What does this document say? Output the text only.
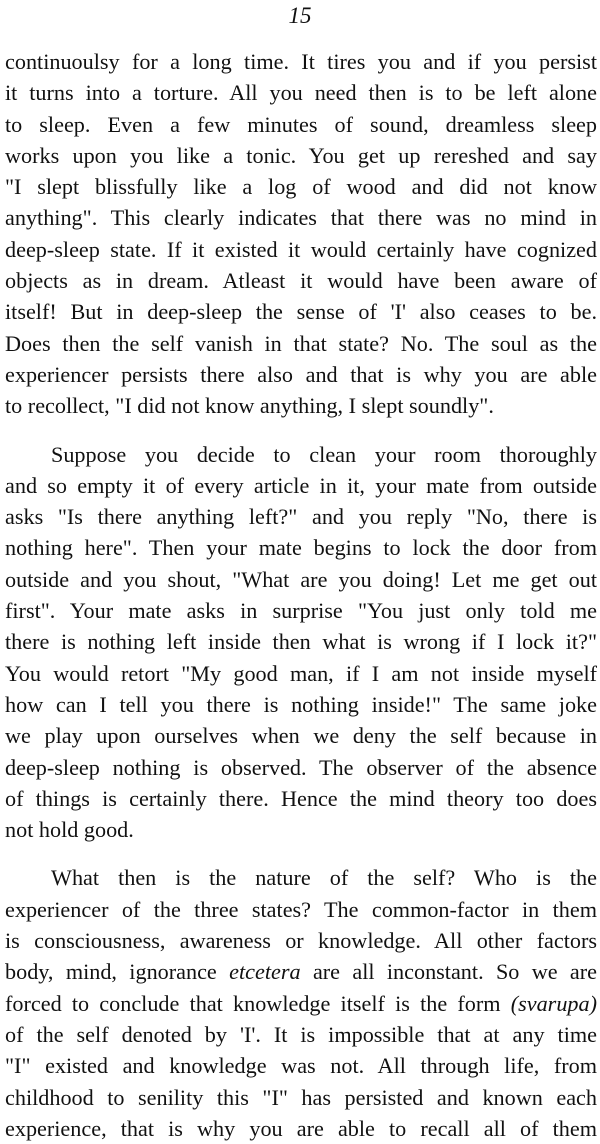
15
continuoulsy for a long time. It tires you and if you persist
it turns into a torture. All you need then is to be left alone
to sleep. Even a few minutes of sound, dreamless sleep
works upon you like a tonic. You get up rereshed and say
"I slept blissfully like a log of wood and did not know
anything". This clearly indicates that there was no mind in
deep-sleep state. If it existed it would certainly have cognized
objects as in dream. Atleast it would have been aware of
itself! But in deep-sleep the sense of 'I' also ceases to be.
Does then the self vanish in that state? No. The soul as the
experiencer persists there also and that is why you are able
to recollect, "I did not know anything, I slept soundly".
Suppose you decide to clean your room thoroughly
and so empty it of every article in it, your mate from outside
asks "Is there anything left?" and you reply "No, there is
nothing here". Then your mate begins to lock the door from
outside and you shout, "What are you doing! Let me get out
first". Your mate asks in surprise "You just only told me
there is nothing left inside then what is wrong if I lock it?"
You would retort "My good man, if I am not inside myself
how can I tell you there is nothing inside!" The same joke
we play upon ourselves when we deny the self because in
deep-sleep nothing is observed. The observer of the absence
of things is certainly there. Hence the mind theory too does
not hold good.
What then is the nature of the self? Who is the
experiencer of the three states? The common-factor in them
is consciousness, awareness or knowledge. All other factors
body, mind, ignorance etcetera are all inconstant. So we are
forced to conclude that knowledge itself is the form (svarupa)
of the self denoted by 'I'. It is impossible that at any time
"I" existed and knowledge was not. All through life, from
childhood to senility this "I" has persisted and known each
experience, that is why you are able to recall all of them
